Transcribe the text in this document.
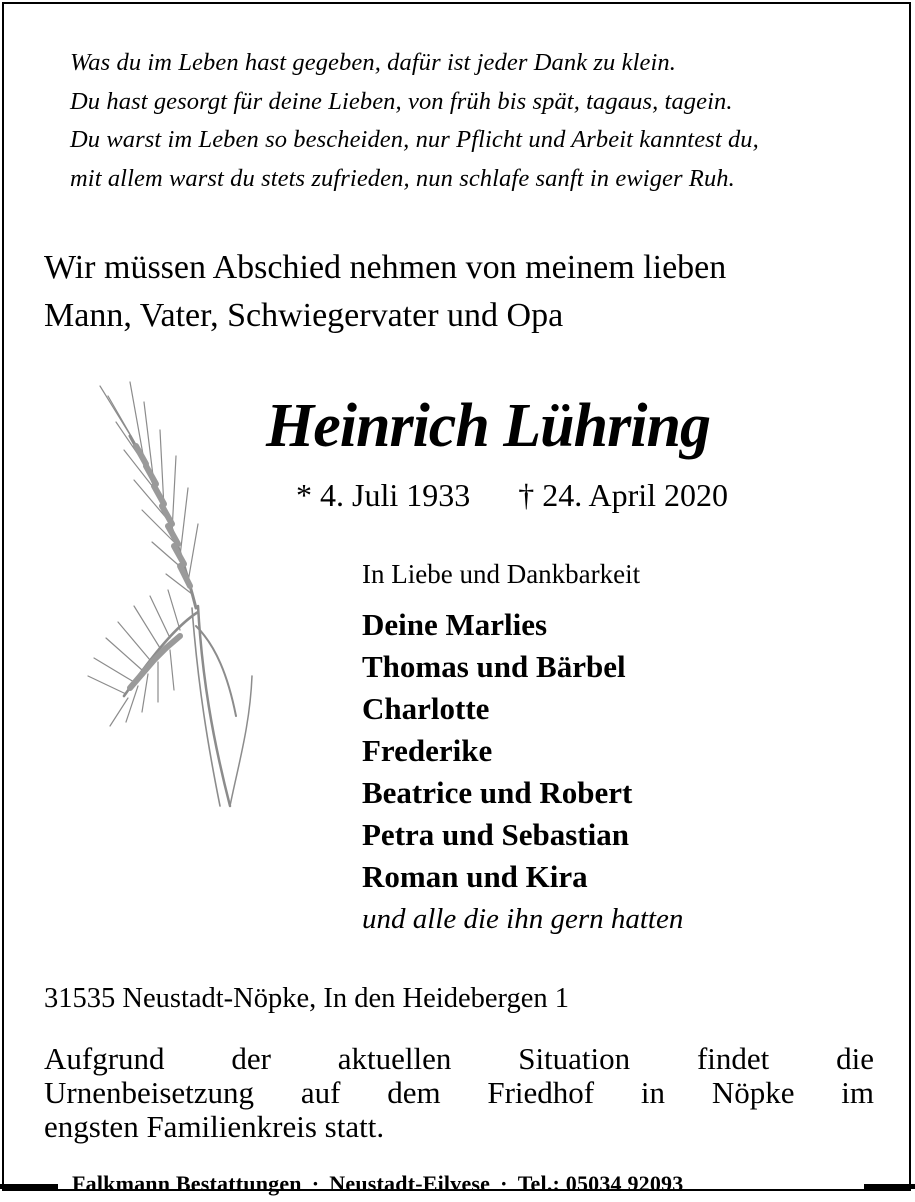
Was du im Leben hast gegeben, dafür ist jeder Dank zu klein.
Du hast gesorgt für deine Lieben, von früh bis spät, tagaus, tagein.
Du warst im Leben so bescheiden, nur Pflicht und Arbeit kanntest du,
mit allem warst du stets zufrieden, nun schlafe sanft in ewiger Ruh.
Wir müssen Abschied nehmen von meinem lieben
Mann, Vater, Schwiegervater und Opa
Heinrich Lühring
* 4. Juli 1933 † 24. April 2020
In Liebe und Dankbarkeit
Deine Marlies
Thomas und Bärbel
Charlotte
Frederike
Beatrice und Robert
Petra und Sebastian
Roman und Kira
und alle die ihn gern hatten
31535 Neustadt-Nöpke, In den Heidebergen 1
Aufgrund der aktuellen Situation findet die
Urnenbeisetzung auf dem Friedhof in Nöpke im
engsten Familienkreis statt.
Falkmann Bestattungen · Neustadt-Eilvese · Tel.: 05034 92093
